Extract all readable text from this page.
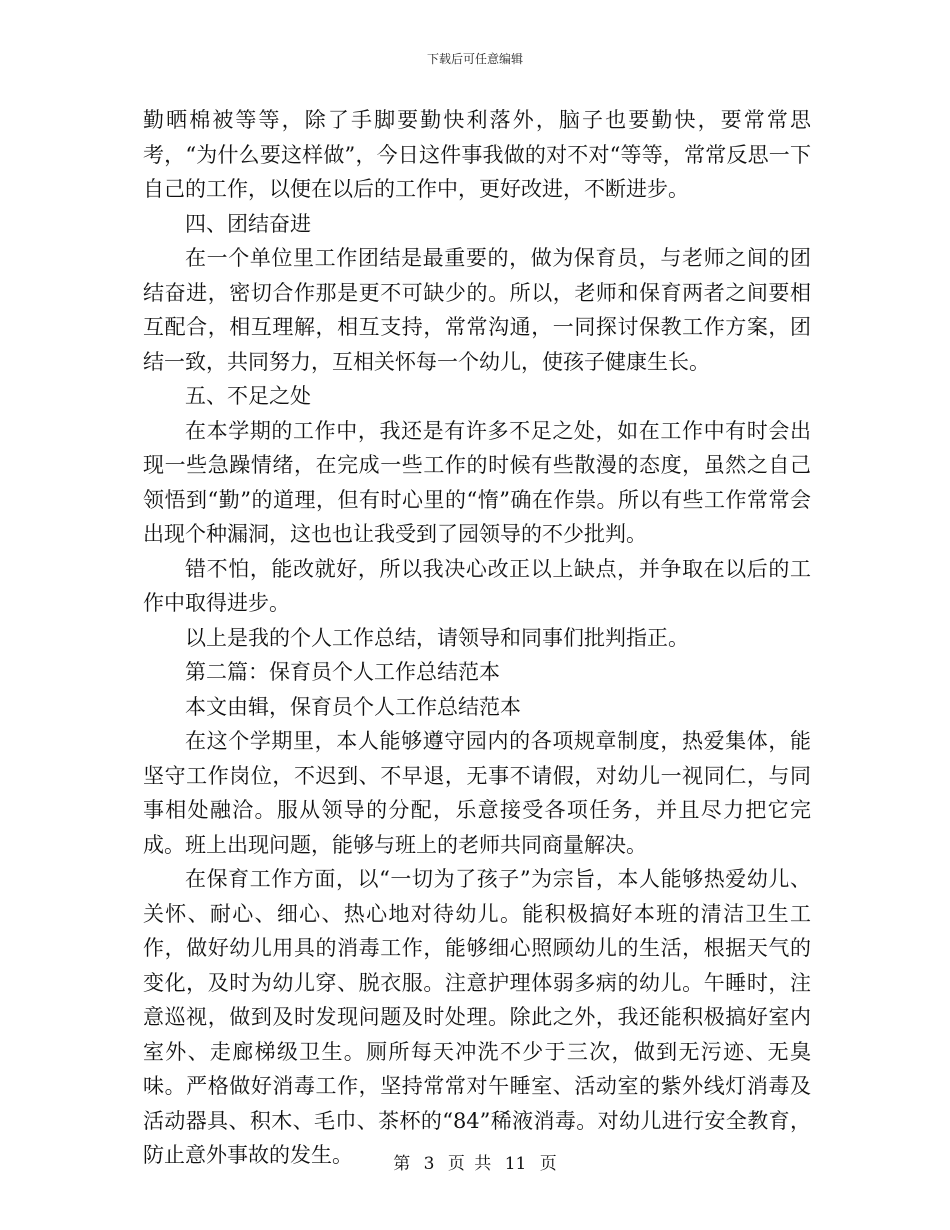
下载后可任意编辑

勤晒棉被等等，除了手脚要勤快利落外，脑子也要勤快，要常常思考，“为什么要这样做”，今日这件事我做的对不对“等等，常常反思一下自己的工作，以便在以后的工作中，更好改进，不断进步。

四、团结奋进

在一个单位里工作团结是最重要的，做为保育员，与老师之间的团结奋进，密切合作那是更不可缺少的。所以，老师和保育两者之间要相互配合，相互理解，相互支持，常常沟通，一同探讨保教工作方案，团结一致，共同努力，互相关怀每一个幼儿，使孩子健康生长。

五、不足之处

在本学期的工作中，我还是有许多不足之处，如在工作中有时会出现一些急躁情绪，在完成一些工作的时候有些散漫的态度，虽然之自己领悟到“勤”的道理，但有时心里的“惰”确在作祟。所以有些工作常常会出现个种漏洞，这也也让我受到了园领导的不少批判。

错不怕，能改就好，所以我决心改正以上缺点，并争取在以后的工作中取得进步。

以上是我的个人工作总结，请领导和同事们批判指正。

第二篇：保育员个人工作总结范本

本文由辑，保育员个人工作总结范本

在这个学期里，本人能够遵守园内的各项规章制度，热爱集体，能坚守工作岗位，不迟到、不早退，无事不请假，对幼儿一视同仁，与同事相处融洽。服从领导的分配，乐意接受各项任务，并且尽力把它完成。班上出现问题，能够与班上的老师共同商量解决。

在保育工作方面，以“一切为了孩子”为宗旨，本人能够热爱幼儿、关怀、耐心、细心、热心地对待幼儿。能积极搞好本班的清洁卫生工作，做好幼儿用具的消毒工作，能够细心照顾幼儿的生活，根据天气的变化，及时为幼儿穿、脱衣服。注意护理体弱多病的幼儿。午睡时，注意巡视，做到及时发现问题及时处理。除此之外，我还能积极搞好室内室外、走廊梯级卫生。厕所每天冲洗不少于三次，做到无污迹、无臭味。严格做好消毒工作，坚持常常对午睡室、活动室的紫外线灯消毒及活动器具、积木、毛巾、茶杯的“84”稀液消毒。对幼儿进行安全教育，防止意外事故的发生。	第 3 页 共 11 页
